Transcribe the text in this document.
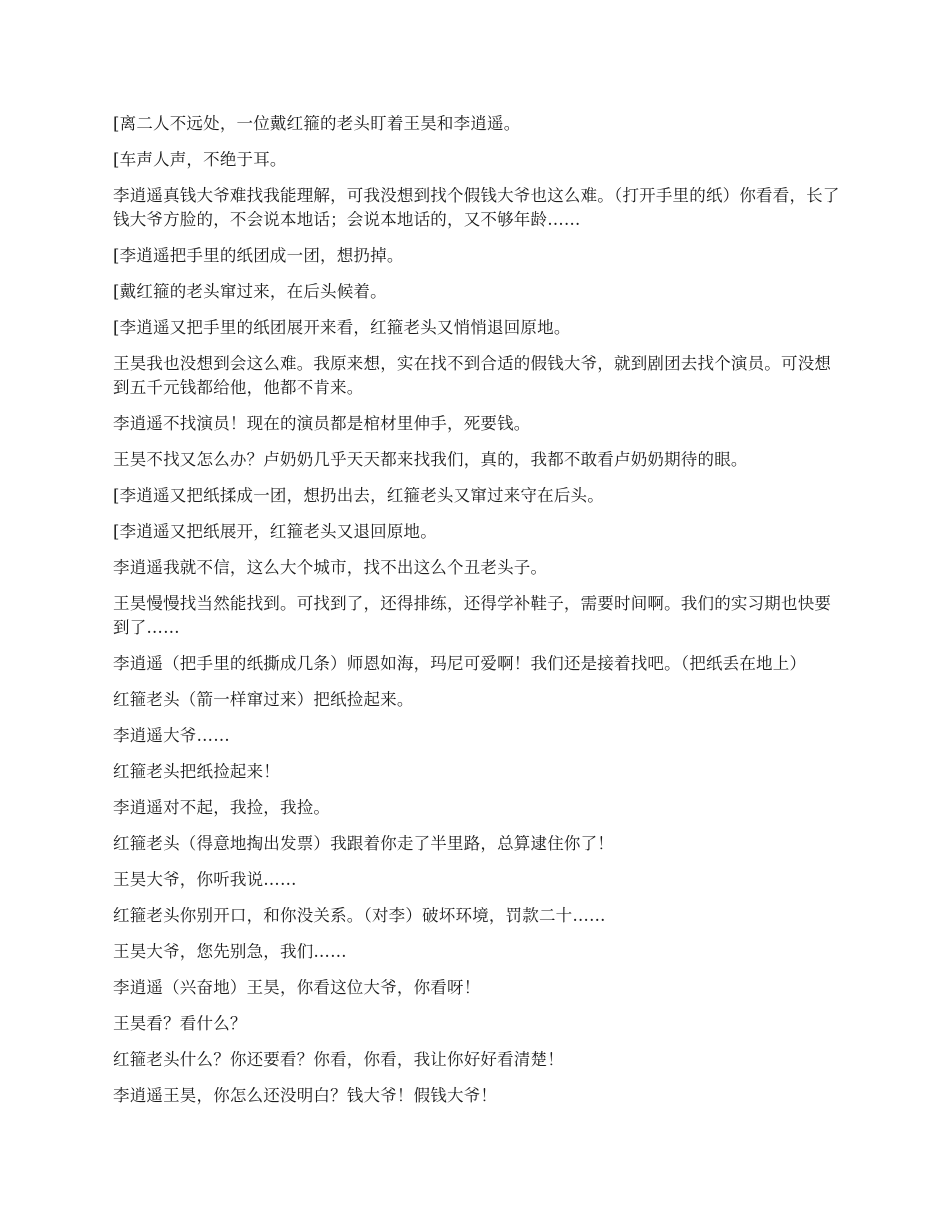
[离二人不远处，一位戴红箍的老头盯着王昊和李逍遥。

[车声人声，不绝于耳。

李逍遥真钱大爷难找我能理解，可我没想到找个假钱大爷也这么难。（打开手里的纸）你看看，长了钱大爷方脸的，不会说本地话；会说本地话的，又不够年龄……

[李逍遥把手里的纸团成一团，想扔掉。

[戴红箍的老头窜过来，在后头候着。

[李逍遥又把手里的纸团展开来看，红箍老头又悄悄退回原地。

王昊我也没想到会这么难。我原来想，实在找不到合适的假钱大爷，就到剧团去找个演员。可没想到五千元钱都给他，他都不肯来。

李逍遥不找演员！现在的演员都是棺材里伸手，死要钱。

王昊不找又怎么办？卢奶奶几乎天天都来找我们，真的，我都不敢看卢奶奶期待的眼。

[李逍遥又把纸揉成一团，想扔出去，红箍老头又窜过来守在后头。

[李逍遥又把纸展开，红箍老头又退回原地。

李逍遥我就不信，这么大个城市，找不出这么个丑老头子。

王昊慢慢找当然能找到。可找到了，还得排练，还得学补鞋子，需要时间啊。我们的实习期也快要到了……

李逍遥（把手里的纸撕成几条）师恩如海，玛尼可爱啊！我们还是接着找吧。（把纸丢在地上）

红箍老头（箭一样窜过来）把纸捡起来。

李逍遥大爷……

红箍老头把纸捡起来！

李逍遥对不起，我捡，我捡。

红箍老头（得意地掏出发票）我跟着你走了半里路，总算逮住你了！

王昊大爷，你听我说……

红箍老头你别开口，和你没关系。（对李）破坏环境，罚款二十……

王昊大爷，您先别急，我们……

李逍遥（兴奋地）王昊，你看这位大爷，你看呀！

王昊看？看什么？

红箍老头什么？你还要看？你看，你看，我让你好好看清楚！

李逍遥王昊，你怎么还没明白？钱大爷！假钱大爷！
